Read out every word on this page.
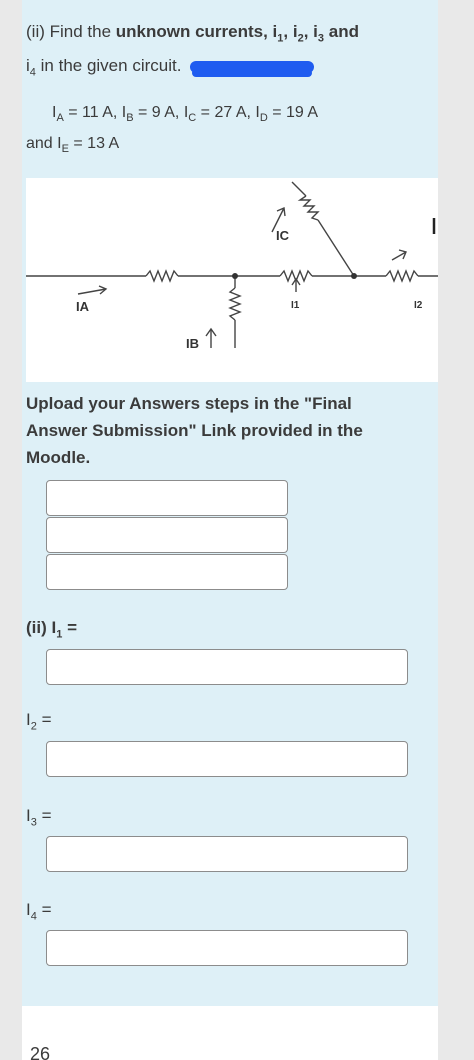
(ii) Find the unknown currents, $i_1$, $i_2$, $i_3$ and
$i_4$ in the given circuit.
$I_A = 11$ A, $I_B = 9$ A, $I_C = 27$ A, $I_D = 19$ A
and $I_E = 13$ A
IA
IB
IC
I1	I2
Upload your Answers steps in the "Final Answer Submission" Link provided in the Moodle.
(ii) $I_1$ =
$I_2$ =
$I_3$ =
$I_4$ =
26
